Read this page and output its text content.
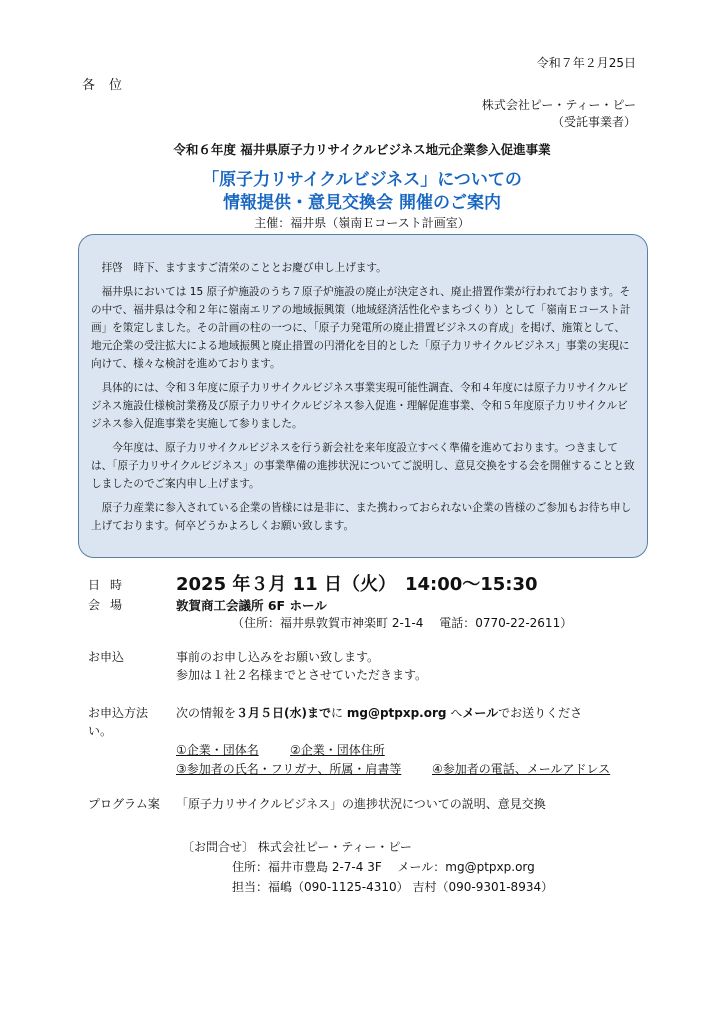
令和７年２月25日
各位
株式会社ピー・ティー・ピー
（受託事業者）
令和６年度 福井県原子力リサイクルビジネス地元企業参入促進事業
「原子力リサイクルビジネス」についての
情報提供・意見交換会 開催のご案内
主催：福井県（嶺南Ｅコースト計画室）

拝啓　時下、ますますご清栄のこととお慶び申し上げます。

福井県においては 15 原子炉施設のうち７原子炉施設の廃止が決定され、廃止措置作業が行われております。その中で、福井県は令和２年に嶺南エリアの地域振興策（地域経済活性化やまちづくり）として「嶺南Ｅコースト計画」を策定しました。その計画の柱の一つに、「原子力発電所の廃止措置ビジネスの育成」を掲げ、施策として、地元企業の受注拡大による地域振興と廃止措置の円滑化を目的とした「原子力リサイクルビジネス」事業の実現に向けて、様々な検討を進めております。

具体的には、令和３年度に原子力リサイクルビジネス事業実現可能性調査、令和４年度には原子力リサイクルビジネス施設仕様検討業務及び原子力リサイクルビジネス参入促進・理解促進事業、令和５年度原子力リサイクルビジネス参入促進事業を実施して参りました。

今年度は、原子力リサイクルビジネスを行う新会社を来年度設立すべく準備を進めております。つきましては、「原子力リサイクルビジネス」の事業準備の進捗状況についてご説明し、意見交換をする会を開催することと致しましたのでご案内申し上げます。

原子力産業に参入されている企業の皆様には是非に、また携わっておられない企業の皆様のご参加もお待ち申し上げております。何卒どうかよろしくお願い致します。

日時 2025 年３月 11 日（火）　14:00～15:30
会場	敦賀商工会議所 6F ホール
（住所：福井県敦賀市神楽町 2-1-4　 電話：0770-22-2611）
お申込	事前のお申し込みをお願い致します。
参加は１社２名様までとさせていただきます。
お申込方法 次の情報を３月５日(水)までに mg@ptpxp.org へメールでお送りくださ
い。
①企業・団体名	②企業・団体住所
③参加者の氏名・フリガナ、所属・肩書等	④参加者の電話、メールアドレス
プログラム案 「原子力リサイクルビジネス」の進捗状況についての説明、意見交換
〔お問合せ〕 株式会社ピー・ティー・ピー
住所：福井市豊島 2-7-4 3F　 メール：mg@ptpxp.org
担当：福嶋（090-1125-4310） 吉村（090-9301-8934）
